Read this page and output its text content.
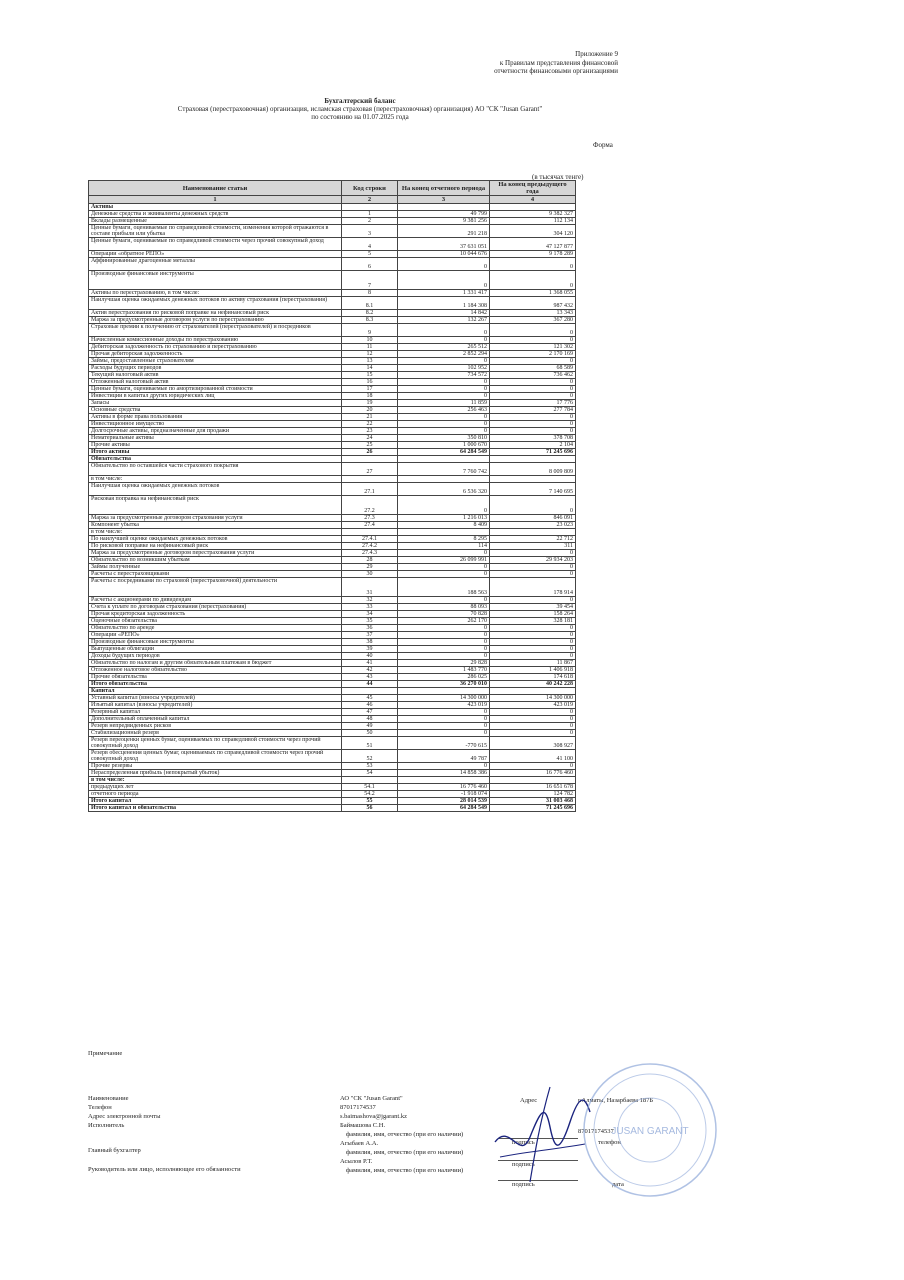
Приложение 9
к Правилам представления финансовой
отчетности финансовыми организациями
Бухгалтерский баланс
Страховая (перестраховочная) организация, исламская страховая (перестраховочная) организация) АО "СК "Jusan Garant"
по состоянию на 01.07.2025 года
Форма
(в тысячах тенге)
Наименование статьи	Код строки	На конец отчетного периода	На конец предыдущего года
1	2	3	4
Активы			
Денежные средства и эквиваленты денежных средств	1	49 799	9 382 327
Вклады размещенные	2	9 381 256	112 134
Ценные бумаги, оцениваемые по справедливой стоимости, изменения которой отражаются в составе прибыли или убытка	3	291 218	304 120
Ценные бумаги, оцениваемые по справедливой стоимости через прочий совокупный доход	4	37 631 051	47 127 877
Операции «обратное РЕПО»	5	10 044 676	9 178 289
Аффинированные драгоценные металлы	6	0	0
Производные финансовые инструменты	7	0	0
Активы по перестрахованию, в том числе:	8	1 331 417	1 368 055
Наилучшая оценка ожидаемых денежных потоков по активу страхования (перестрахования)	8.1	1 184 308	987 432
Актив перестрахования по рисковой поправке на нефинансовый риск	8.2	14 842	13 343
Маржа за предусмотренные договором услуги по перестрахованию	8.3	132 267	367 280
Страховые премии к получению от страхователей (перестрахователей) и посредников	9	0	0
Начисленные комиссионные доходы по перестрахованию	10	0	0
Дебиторская задолженность по страхованию и перестрахованию	11	265 512	121 302
Прочая дебиторская задолженность	12	2 852 294	2 170 169
Займы, предоставленные страхователям	13	0	0
Расходы будущих периодов	14	102 952	68 589
Текущий налоговый актив	15	734 572	736 462
Отложенный налоговый актив	16	0	0
Ценные бумаги, оцениваемые по амортизированной стоимости	17	0	0
Инвестиции в капитал других юридических лиц	18	0	0
Запасы	19	11 859	17 776
Основные средства	20	256 463	277 784
Активы в форме права пользования	21	0	0
Инвестиционное имущество	22	0	0
Долгосрочные активы, предназначенные для продажи	23	0	0
Нематериальные активы	24	350 810	378 708
Прочие активы	25	1 000 670	2 104
Итого активы	26	64 284 549	71 245 696
Обязательства			
Обязательство по оставшейся части страхового покрытия	27	7 760 742	8 009 809
в том числе:			
Наилучшая оценка ожидаемых денежных потоков	27.1	6 536 320	7 140 695
Рисковая поправка на нефинансовый риск	27.2	0	0
Маржа за предусмотренные договором страхования услуги	27.3	1 216 013	846 091
Компонент убытка	27.4	8 409	23 023
в том числе:			
По наилучшей оценке ожидаемых денежных потоков	27.4.1	8 295	22 712
По рисковой поправке на нефинансовый риск	27.4.2	114	311
Маржа за предусмотренные договором перестрахования услуги	27.4.3	0	0
Обязательство по возникшим убыткам	28	26 099 991	29 934 203
Займы полученные	29	0	0
Расчеты с перестраховщиками	30	0	0
Расчеты с посредниками по страховой (перестраховочной) деятельности	31	188 563	178 914
Расчеты с акционерами по дивидендам	32	0	0
Счета к уплате по договорам страхования (перестрахования)	33	88 093	39 454
Прочая кредиторская задолженность	34	70 828	158 264
Оценочные обязательства	35	262 170	328 181
Обязательство по аренде	36	0	0
Операции «РЕПО»	37	0	0
Производные финансовые инструменты	38	0	0
Выпущенные облигации	39	0	0
Доходы будущих периодов	40	0	0
Обязательство по налогам и другим обязательным платежам в бюджет	41	29 828	11 867
Отложенное налоговое обязательство	42	1 483 770	1 406 918
Прочие обязательства	43	286 025	174 618
Итого обязательства	44	36 270 010	40 242 228
Капитал			
Уставный капитал (взносы учредителей)	45	14 300 000	14 300 000
Изъятый капитал (взносы учредителей)	46	423 019	423 019
Резервный капитал	47	0	0
Дополнительный оплаченный капитал	48	0	0
Резерв непредвиденных рисков	49	0	0
Стабилизационный резерв	50	0	0
Резерв переоценки ценных бумаг, оцениваемых по справедливой стоимости через прочий совокупный доход	51	-770 615	308 927
Резерв обесценения ценных бумаг, оцениваемых по справедливой стоимости через прочий совокупный доход	52	49 787	41 100
Прочие резервы	53	0	0
Нераспределенная прибыль (непокрытый убыток)	54	14 858 386	16 776 460
в том числе:			
предыдущих лет	54.1	16 776 460	16 651 678
отчетного периода	54.2	-1 918 074	124 782
Итого капитал	55	28 014 539	31 003 468
Итого капитал и обязательства	56	64 284 549	71 245 696
Примечание
Наименование
Телефон
Адрес электронной почты
Исполнитель
Главный бухгалтер
Руководитель или лицо, исполняющее его обязанности
АО "СК "Jusan Garant"
87017174537
s.baimashova@jgarant.kz
Баймашова С.Н.
фамилия, имя, отчество (при его наличии)
Агыбаев А.А.
фамилия, имя, отчество (при его наличии)
Асылов Р.Т.
фамилия, имя, отчество (при его наличии)
Адрес	г.Алматы, Назарбаева 187Б
87017174537
подпись	телефон
подпись
подпись	дата
JUSAN GARANT
